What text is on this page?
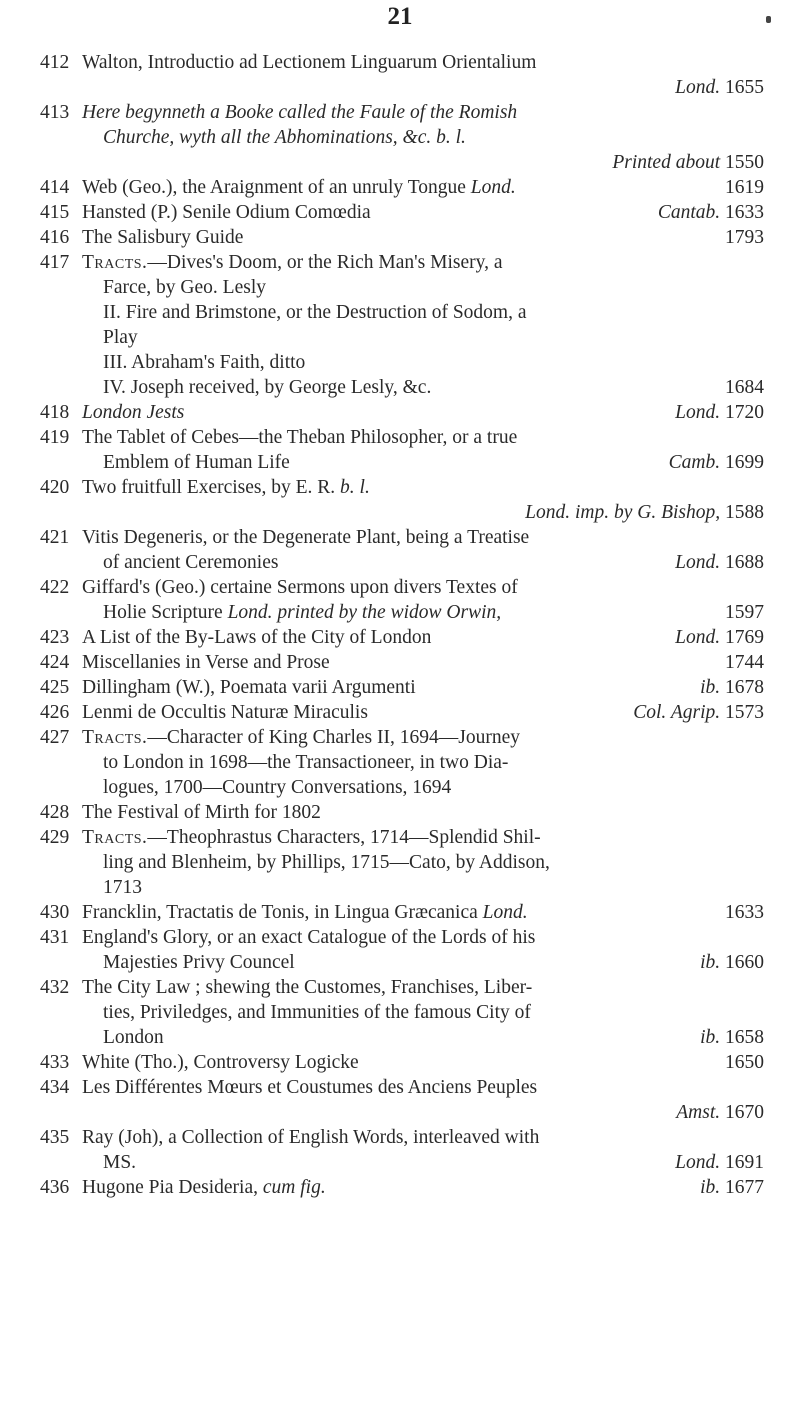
21
412 Walton, Introductio ad Lectionem Linguarum Orientalium
Lond. 1655
413 Here begynneth a Booke called the Faule of the Romish
Churche, wyth all the Abhominations, &c. b. l.
Printed about 1550
414 Web (Geo.), the Araignment of an unruly Tongue Lond.	1619
415 Hansted (P.) Senile Odium Comœdia	Cantab. 1633
416 The Salisbury Guide	1793
417 Tracts.—Dives's Doom, or the Rich Man's Misery, a
Farce, by Geo. Lesly
II. Fire and Brimstone, or the Destruction of Sodom, a
Play
III. Abraham's Faith, ditto
IV. Joseph received, by George Lesly, &c.	1684
418 London Jests	Lond. 1720
419 The Tablet of Cebes—the Theban Philosopher, or a true
Emblem of Human Life	Camb. 1699
420 Two fruitfull Exercises, by E. R. b. l.
Lond. imp. by G. Bishop, 1588
421 Vitis Degeneris, or the Degenerate Plant, being a Treatise
of ancient Ceremonies	Lond. 1688
422 Giffard's (Geo.) certaine Sermons upon divers Textes of
Holie Scripture Lond. printed by the widow Orwin,	1597
423 A List of the By-Laws of the City of London	Lond. 1769
424 Miscellanies in Verse and Prose	1744
425 Dillingham (W.), Poemata varii Argumenti	ib. 1678
426 Lenmi de Occultis Naturæ Miraculis	Col. Agrip. 1573
427 Tracts.—Character of King Charles II, 1694—Journey
to London in 1698—the Transactioneer, in two Dia-
logues, 1700—Country Conversations, 1694
428 The Festival of Mirth for 1802
429 Tracts.—Theophrastus Characters, 1714—Splendid Shil-
ling and Blenheim, by Phillips, 1715—Cato, by Addison,
1713
430 Francklin, Tractatis de Tonis, in Lingua Græcanica Lond.	1633
431 England's Glory, or an exact Catalogue of the Lords of his
Majesties Privy Councel	ib. 1660
432 The City Law ; shewing the Customes, Franchises, Liber-
ties, Priviledges, and Immunities of the famous City of
London	ib. 1658
433 White (Tho.), Controversy Logicke	1650
434 Les Différentes Mœurs et Coustumes des Anciens Peuples
Amst. 1670
435 Ray (Joh), a Collection of English Words, interleaved with
MS.	Lond. 1691
436 Hugone Pia Desideria, cum fig.	ib. 1677
